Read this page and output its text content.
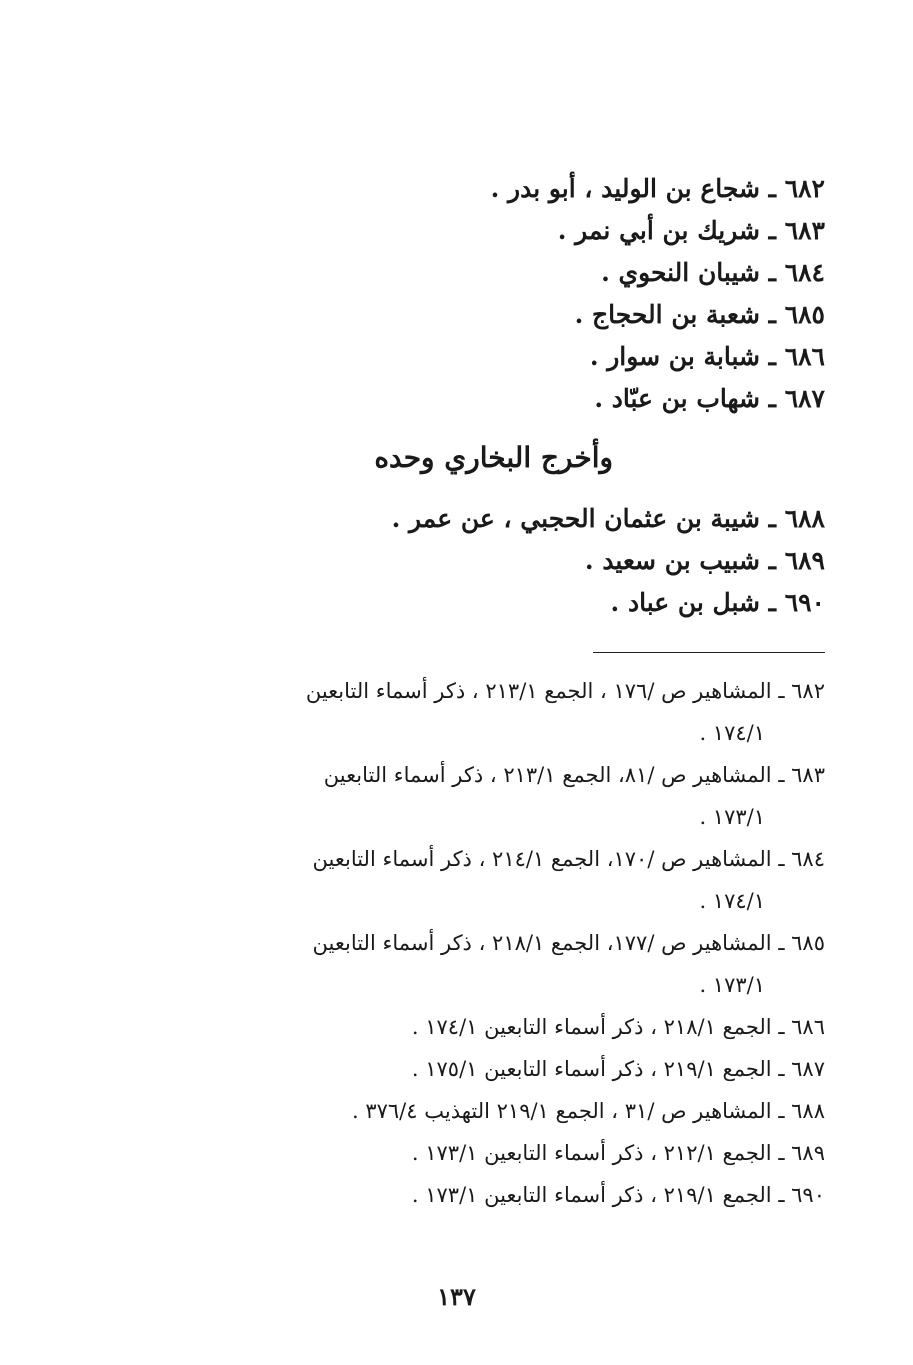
٦٨٢ ـ شجاع بن الوليد ، أبو بدر .
٦٨٣ ـ شريك بن أبي نمر .
٦٨٤ ـ شيبان النحوي .
٦٨٥ ـ شعبة بن الحجاج .
٦٨٦ ـ شبابة بن سوار .
٦٨٧ ـ شهاب بن عبّاد .
وأخرج البخاري وحده
٦٨٨ ـ شيبة بن عثمان الحجبي ، عن عمر .
٦٨٩ ـ شبيب بن سعيد .
٦٩٠ ـ شبل بن عباد .
٦٨٢ ـ المشاهير ص /١٧٦ ، الجمع ٢١٣/١ ، ذكر أسماء التابعين
١٧٤/١ .
٦٨٣ ـ المشاهير ص /٨١، الجمع ٢١٣/١ ، ذكر أسماء التابعين
١٧٣/١ .
٦٨٤ ـ المشاهير ص /١٧٠، الجمع ٢١٤/١ ، ذكر أسماء التابعين
١٧٤/١ .
٦٨٥ ـ المشاهير ص /١٧٧، الجمع ٢١٨/١ ، ذكر أسماء التابعين
١٧٣/١ .
٦٨٦ ـ الجمع ٢١٨/١ ، ذكر أسماء التابعين ١٧٤/١ .
٦٨٧ ـ الجمع ٢١٩/١ ، ذكر أسماء التابعين ١٧٥/١ .
٦٨٨ ـ المشاهير ص /٣١ ، الجمع ٢١٩/١ التهذيب ٣٧٦/٤ .
٦٨٩ ـ الجمع ٢١٢/١ ، ذكر أسماء التابعين ١٧٣/١ .
٦٩٠ ـ الجمع ٢١٩/١ ، ذكر أسماء التابعين ١٧٣/١ .
١٣٧
